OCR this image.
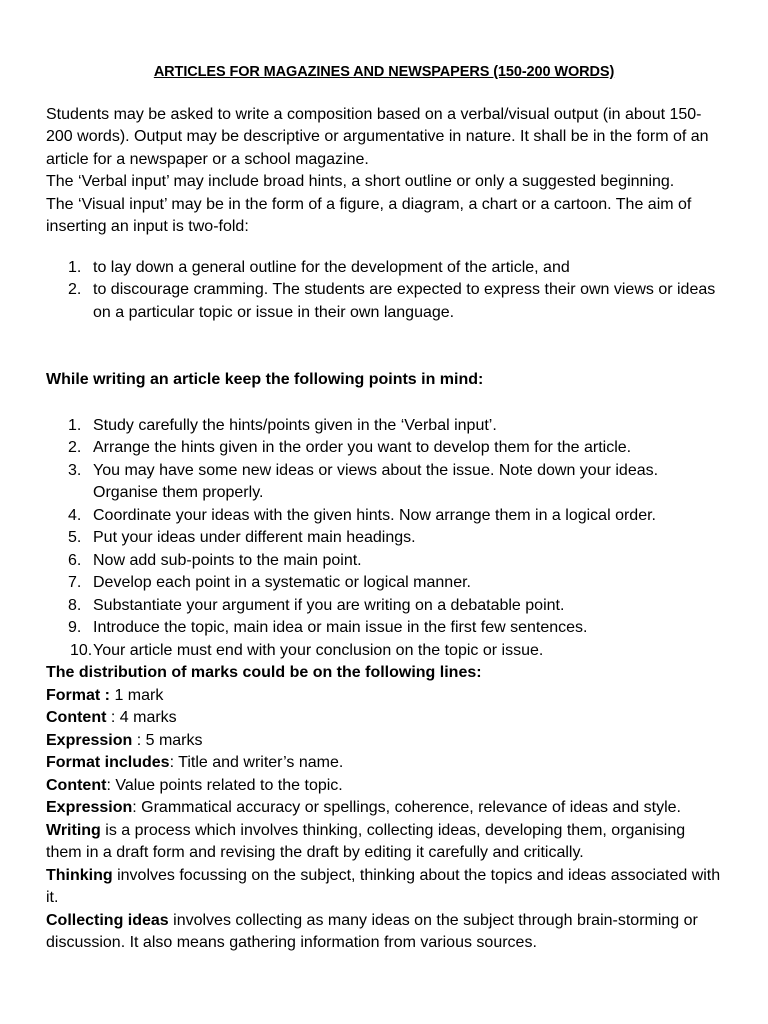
ARTICLES FOR MAGAZINES AND NEWSPAPERS (150-200 WORDS)

Students may be asked to write a composition based on a verbal/visual output (in about 150-200 words). Output may be descriptive or argumentative in nature. It shall be in the form of an article for a newspaper or a school magazine.

The ‘Verbal input’ may include broad hints, a short outline or only a suggested beginning.

The ‘Visual input’ may be in the form of a figure, a diagram, a chart or a cartoon. The aim of inserting an input is two-fold:

1. to lay down a general outline for the development of the article, and
2. to discourage cramming. The students are expected to express their own views or ideas on a particular topic or issue in their own language.

While writing an article keep the following points in mind:

1. Study carefully the hints/points given in the ‘Verbal input’.
2. Arrange the hints given in the order you want to develop them for the article.
3. You may have some new ideas or views about the issue. Note down your ideas. Organise them properly.
4. Coordinate your ideas with the given hints. Now arrange them in a logical order.
5. Put your ideas under different main headings.
6. Now add sub-points to the main point.
7. Develop each point in a systematic or logical manner.
8. Substantiate your argument if you are writing on a debatable point.
9. Introduce the topic, main idea or main issue in the first few sentences.
10. Your article must end with your conclusion on the topic or issue.

The distribution of marks could be on the following lines:

Format : 1 mark

Content : 4 marks

Expression : 5 marks

Format includes: Title and writer’s name.

Content: Value points related to the topic.

Expression: Grammatical accuracy or spellings, coherence, relevance of ideas and style.

Writing is a process which involves thinking, collecting ideas, developing them, organising them in a draft form and revising the draft by editing it carefully and critically.

Thinking involves focussing on the subject, thinking about the topics and ideas associated with it.

Collecting ideas involves collecting as many ideas on the subject through brain-storming or discussion. It also means gathering information from various sources.
